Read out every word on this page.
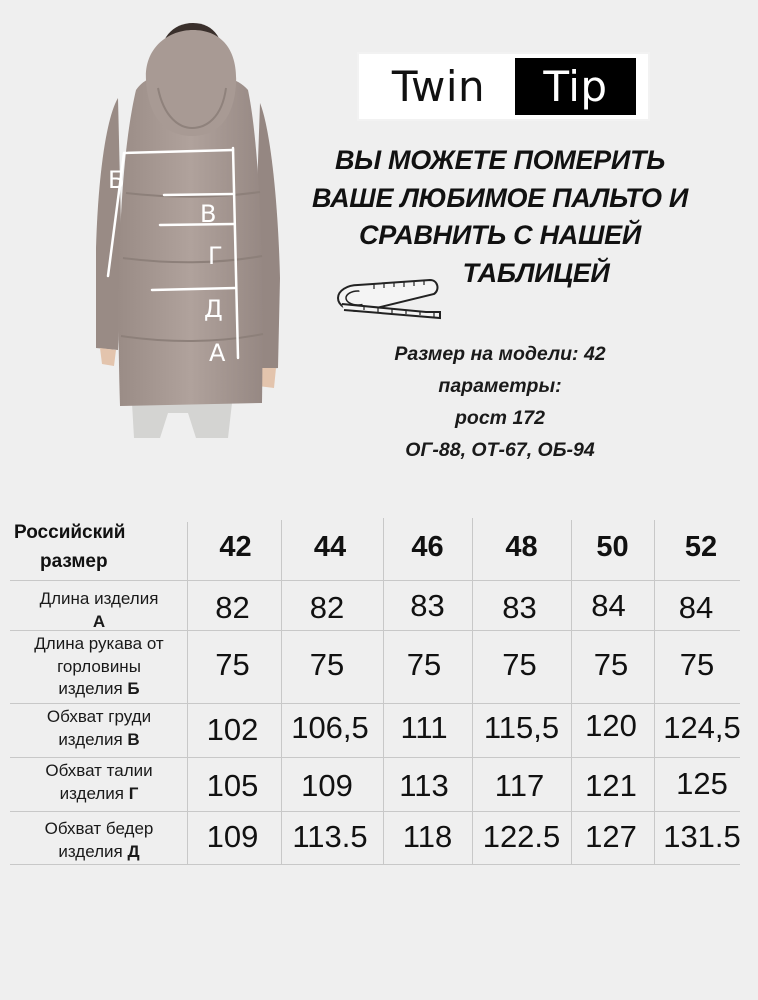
Б
В
Г
Д
А
Twin	Tip
ВЫ МОЖЕТЕ ПОМЕРИТЬ
ВАШЕ ЛЮБИМОЕ ПАЛЬТО И
СРАВНИТЬ С НАШЕЙ
ТАБЛИЦЕЙ
Размер на модели: 42
параметры:
рост 172
ОГ-88, ОТ-67, ОБ-94
Российский
размер	42	44	46	48	50	52
Длина изделия
А	82	82	83	83	84	84
Длина рукава от
горловины
изделия Б
75	75	75	75	75	75
Обхват груди
изделия В	102	106,5	111	115,5 120 124,5
Обхват талии
изделия Г	105	109	113	117	121	125
Обхват бедер
изделия Д	109	113.5	118 122.5 127 131.5
